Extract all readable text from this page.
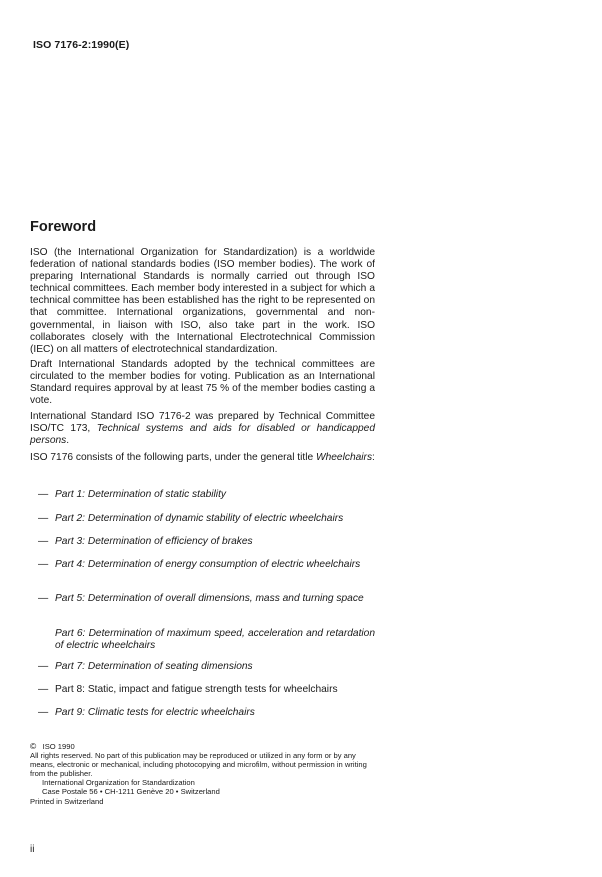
ISO 7176-2:1990(E)
Foreword
ISO (the International Organization for Standardization) is a worldwide federation of national standards bodies (ISO member bodies). The work of preparing International Standards is normally carried out through ISO technical committees. Each member body interested in a subject for which a technical committee has been established has the right to be represented on that committee. International organizations, governmental and non-governmental, in liaison with ISO, also take part in the work. ISO collaborates closely with the International Electrotechnical Commission (IEC) on all matters of electrotechnical standardization.
Draft International Standards adopted by the technical committees are circulated to the member bodies for voting. Publication as an International Standard requires approval by at least 75 % of the member bodies casting a vote.
International Standard ISO 7176-2 was prepared by Technical Committee ISO/TC 173, Technical systems and aids for disabled or handicapped persons.
ISO 7176 consists of the following parts, under the general title Wheelchairs:
— Part 1: Determination of static stability
— Part 2: Determination of dynamic stability of electric wheelchairs
— Part 3: Determination of efficiency of brakes
— Part 4: Determination of energy consumption of electric wheelchairs
— Part 5: Determination of overall dimensions, mass and turning space
Part 6: Determination of maximum speed, acceleration and retardation of electric wheelchairs
— Part 7: Determination of seating dimensions
— Part 8: Static, impact and fatigue strength tests for wheelchairs
— Part 9: Climatic tests for electric wheelchairs
© ISO 1990
All rights reserved. No part of this publication may be reproduced or utilized in any form or by any means, electronic or mechanical, including photocopying and microfilm, without permission in writing from the publisher.
International Organization for Standardization
Case Postale 56 • CH-1211 Genève 20 • Switzerland
Printed in Switzerland
ii
